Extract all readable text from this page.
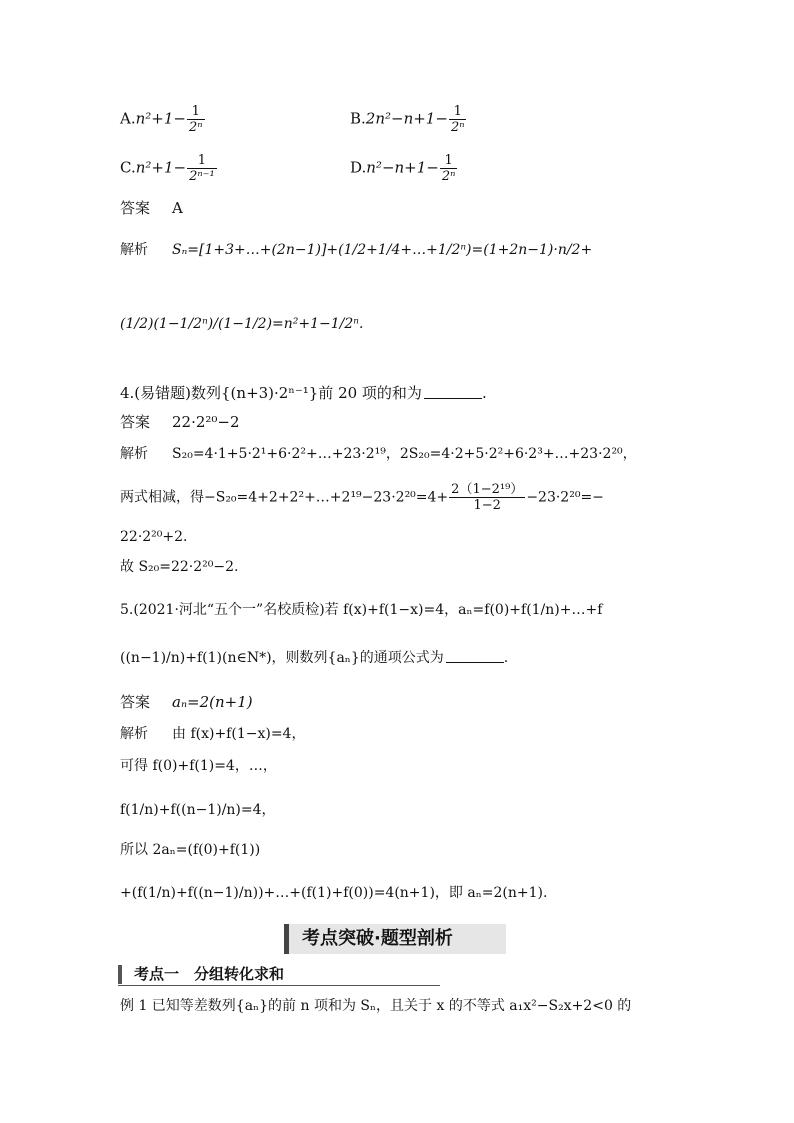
$A.n^2+1- \frac{1}{\text{2ⁿ}}$	$B.2n^2-n+1- \frac{1}{\text{2ⁿ}}$
$C.n^2+1- \frac{1}{\text{2ⁿ⁻¹}}$	$D.n^2-n+1- \frac{1}{\text{2ⁿ}}$
答案 A
解析 Sₙ=[1+3+…+(2n−1)]+(1/2+1/4+…+1/2ⁿ)=(1+2n−1)·n/2+
(1/2)(1−1/2ⁿ)/(1−1/2)=n²+1−1/2ⁿ.
4.(易错题)数列{(n+3)·2ⁿ⁻¹}前 20 项的和为	.
答案 22·2²⁰−2
解析 S₂₀=4·1+5·2¹+6·2²+…+23·2¹⁹，2S₂₀=4·2+5·2²+6·2³+…+23·2²⁰，
两式相减，得−S₂₀=4+2+2²+…+2¹⁹−23·2²⁰=4+ $\frac{\text{2（1−2¹⁹）}}{1-2} -23\cdot 2^{20}=-$
22·2²⁰+2.
故 S₂₀=22·2²⁰−2.
5.(2021·河北“五个一”名校质检)若 f(x)+f(1−x)=4，aₙ=f(0)+f(1/n)+…+f
((n−1)/n)+f(1)(n∈N*)，则数列{aₙ}的通项公式为	.
答案 aₙ=2(n+1)
解析 由 f(x)+f(1−x)=4，
可得 f(0)+f(1)=4，…，
f(1/n)+f((n−1)/n)=4，
所以 2aₙ=(f(0)+f(1))
+(f(1/n)+f((n−1)/n))+…+(f(1)+f(0))=4(n+1)，即 aₙ=2(n+1).
考点突破·题型剖析
考点一　分组转化求和
例 1 已知等差数列{aₙ}的前 n 项和为 Sₙ，且关于 x 的不等式 a₁x²−S₂x+2<0 的
